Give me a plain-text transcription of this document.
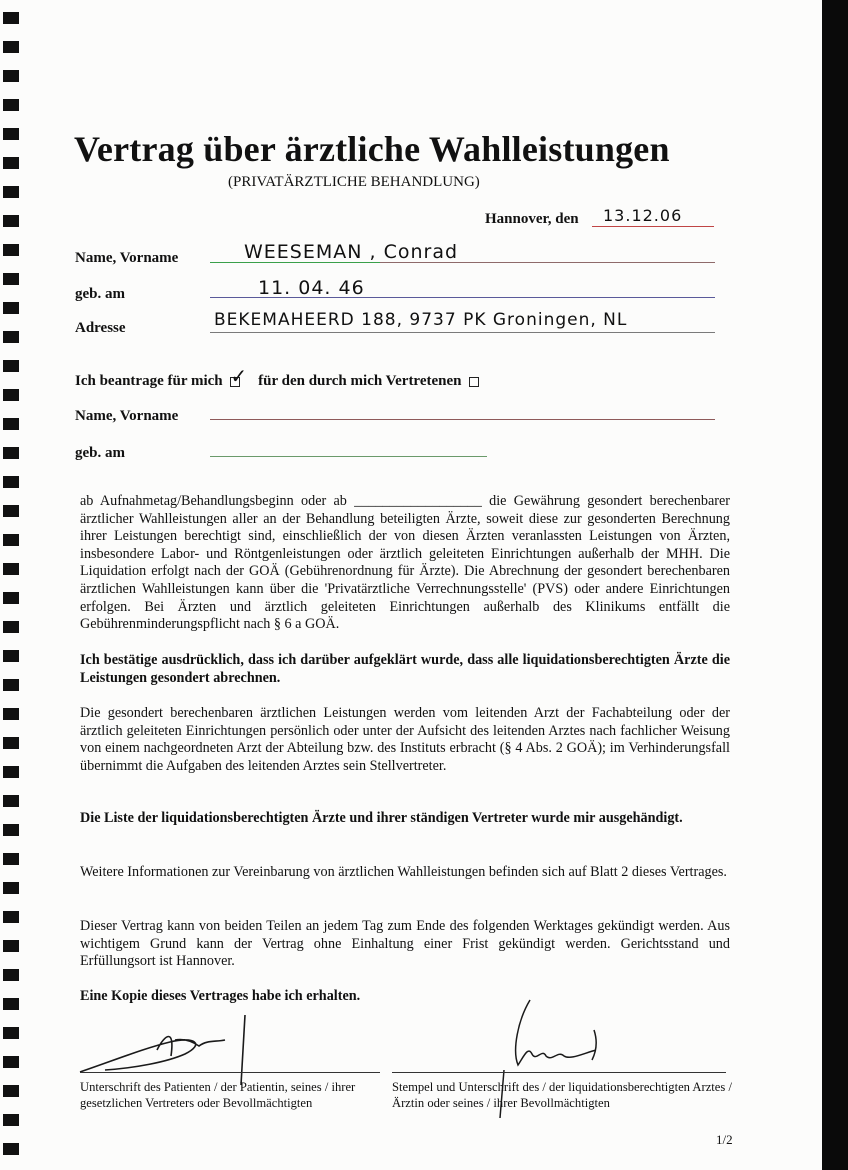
Vertrag über ärztliche Wahlleistungen
(PRIVATÄRZTLICHE BEHANDLUNG)
Hannover, den 13.12.06
Name, Vorname	WEESEMAN , Conrad
geb. am	11. 04. 46
Adresse	BEKEMAHEERD 188, 9737 PK Groningen, NL
Ich beantrage für mich ✓ für den durch mich Vertretenen
Name, Vorname
geb. am
ab Aufnahmetag/Behandlungsbeginn oder ab __________________ die Gewährung gesondert berechenbarer ärztlicher Wahlleistungen aller an der Behandlung beteiligten Ärzte, soweit diese zur gesonderten Berechnung ihrer Leistungen berechtigt sind, einschließlich der von diesen Ärzten veranlassten Leistungen von Ärzten, insbesondere Labor- und Röntgenleistungen oder ärztlich geleiteten Einrichtungen außerhalb der MHH. Die Liquidation erfolgt nach der GOÄ (Gebührenordnung für Ärzte). Die Abrechnung der gesondert berechenbaren ärztlichen Wahlleistungen kann über die 'Privatärztliche Verrechnungsstelle' (PVS) oder andere Einrichtungen erfolgen. Bei Ärzten und ärztlich geleiteten Einrichtungen außerhalb des Klinikums entfällt die Gebührenminderungspflicht nach § 6 a GOÄ.
Ich bestätige ausdrücklich, dass ich darüber aufgeklärt wurde, dass alle liquidationsberechtigten Ärzte die Leistungen gesondert abrechnen.
Die gesondert berechenbaren ärztlichen Leistungen werden vom leitenden Arzt der Fachabteilung oder der ärztlich geleiteten Einrichtungen persönlich oder unter der Aufsicht des leitenden Arztes nach fachlicher Weisung von einem nachgeordneten Arzt der Abteilung bzw. des Instituts erbracht (§ 4 Abs. 2 GOÄ); im Verhinderungsfall übernimmt die Aufgaben des leitenden Arztes sein Stellvertreter.
Die Liste der liquidationsberechtigten Ärzte und ihrer ständigen Vertreter wurde mir ausgehändigt.
Weitere Informationen zur Vereinbarung von ärztlichen Wahlleistungen befinden sich auf Blatt 2 dieses Vertrages.
Dieser Vertrag kann von beiden Teilen an jedem Tag zum Ende des folgenden Werktages gekündigt werden. Aus wichtigem Grund kann der Vertrag ohne Einhaltung einer Frist gekündigt werden. Gerichtsstand und Erfüllungsort ist Hannover.
Eine Kopie dieses Vertrages habe ich erhalten.
Unterschrift des Patienten / der Patientin, seines / ihrer gesetzlichen Vertreters oder Bevollmächtigten
Stempel und Unterschrift des / der liquidationsberechtigten Arztes / Ärztin oder seines / ihrer Bevollmächtigten
1/2
